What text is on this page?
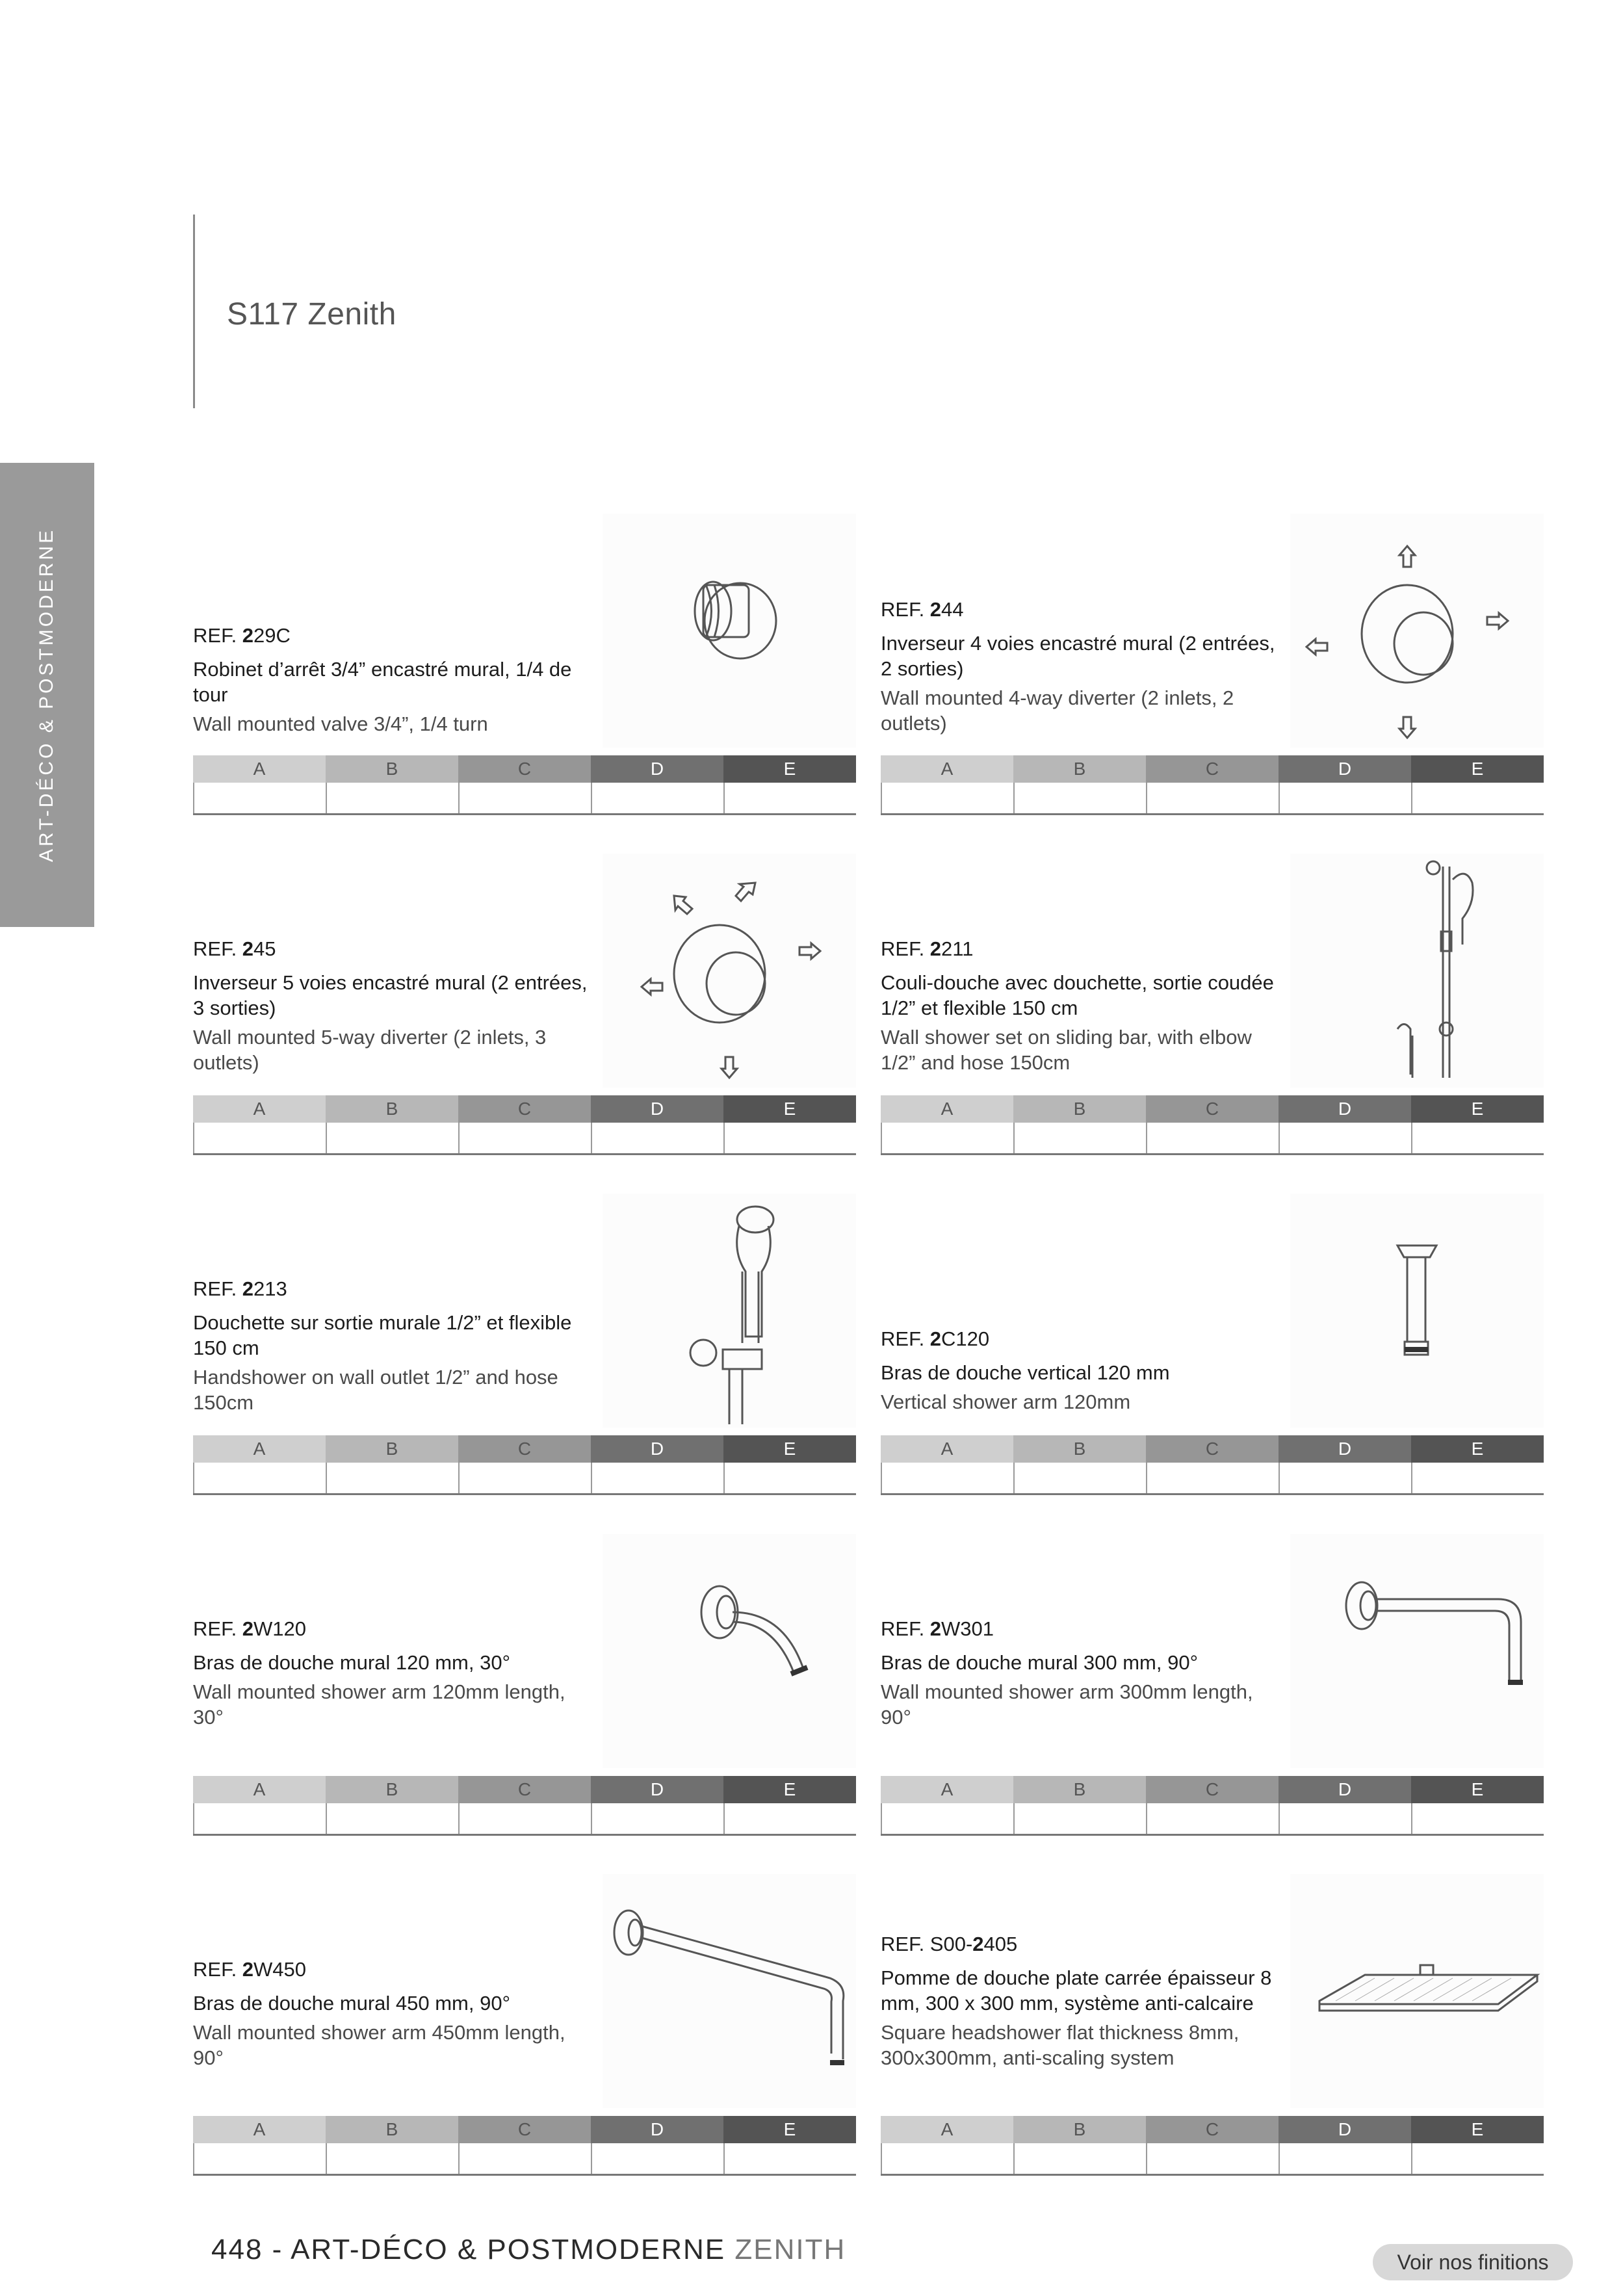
S117 Zenith
ART-DÉCO & POSTMODERNE	REF. 229C
Robinet d’arrêt 3/4” encastré mural, 1/4 de tour
Wall mounted valve 3/4”, 1/4 turn
A	B	C	D	E
REF. 244
Inverseur 4 voies encastré mural (2 entrées, 2 sorties)
Wall mounted 4-way diverter (2 inlets, 2 outlets)
A	B	C	D	E
REF. 245
Inverseur 5 voies encastré mural (2 entrées, 3 sorties)
Wall mounted 5-way diverter (2 inlets, 3 outlets)
A	B	C	D	E
REF. 2211
Couli-douche avec douchette, sortie coudée 1/2” et flexible 150 cm
Wall shower set on sliding bar, with elbow 1/2” and hose 150cm
A	B	C	D	E
REF. 2213
Douchette sur sortie murale 1/2” et flexible 150 cm
Handshower on wall outlet 1/2” and hose 150cm
A	B	C	D	E
REF. 2C120
Bras de douche vertical 120 mm
Vertical shower arm 120mm
A	B	C	D	E
REF. 2W120
Bras de douche mural 120 mm, 30°
Wall mounted shower arm 120mm length, 30°
A	B	C	D	E
REF. 2W301
Bras de douche mural 300 mm, 90°
Wall mounted shower arm 300mm length, 90°
A	B	C	D	E
REF. 2W450
Bras de douche mural 450 mm, 90°
Wall mounted shower arm 450mm length, 90°
A	B	C	D	E
REF. S00-2405
Pomme de douche plate carrée épaisseur 8 mm, 300 x 300 mm, système anti-calcaire
Square headshower flat thickness 8mm, 300x300mm, anti-scaling system
A	B	C	D	E
448 - ART-DÉCO & POSTMODERNE ZENITH	Voir nos finitions
